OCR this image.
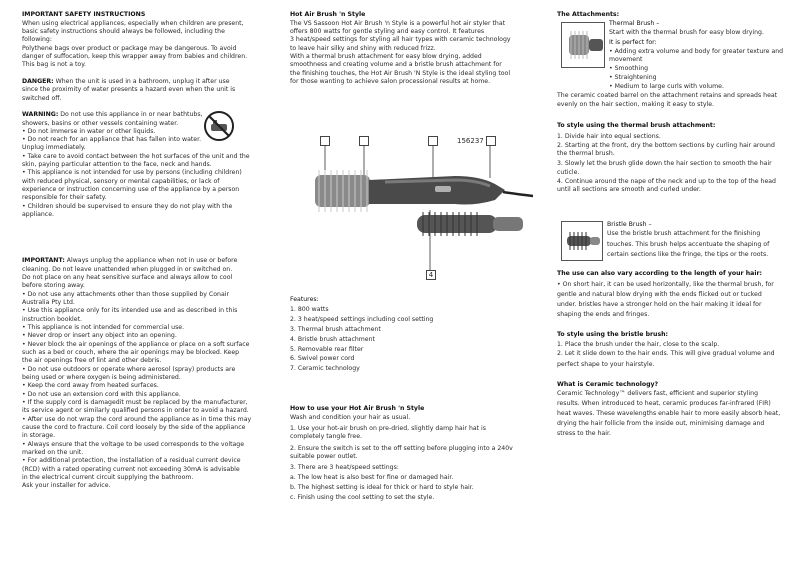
IMPORTANT SAFETY INSTRUCTIONS
When using electrical appliances, especially when children are present,
basic safety instructions should always be followed, including the
following:
Polythene bags over product or package may be dangerous. To avoid
danger of suffocation, keep this wrapper away from babies and children.
This bag is not a toy.
DANGER: When the unit is used in a bathroom, unplug it after use
since the proximity of water presents a hazard even when the unit is
switched off.
WARNING: Do not use this appliance in or near bathtubs,
showers, basins or other vessels containing water.
• Do not immerse in water or other liquids.
• Do not reach for an appliance that has fallen into water.
Unplug immediately.
• Take care to avoid contact between the hot surfaces of the unit and the
skin, paying particular attention to the face, neck and hands.
• This appliance is not intended for use by persons (including children)
with reduced physical, sensory or mental capabilities, or lack of
experience or instruction concerning use of the appliance by a person
responsible for their safety.
• Children should be supervised to ensure they do not play with the
appliance.
IMPORTANT: Always unplug the appliance when not in use or before
cleaning. Do not leave unattended when plugged in or switched on.
Do not place on any heat sensitive surface and always allow to cool
before storing away.
• Do not use any attachments other than those supplied by Conair
Australia Pty Ltd.
• Use this appliance only for its intended use and as described in this
instruction booklet.
• This appliance is not intended for commercial use.
• Never drop or insert any object into an opening.
• Never block the air openings of the appliance or place on a soft surface
such as a bed or couch, where the air openings may be blocked. Keep
the air openings free of lint and other debris.
• Do not use outdoors or operate where aerosol (spray) products are
being used or where oxygen is being administered.
• Keep the cord away from heated surfaces.
• Do not use an extension cord with this appliance.
• If the supply cord is damagedit must be replaced by the manufacturer,
its service agent or similarly qualified persons in order to avoid a hazard.
• After use do not wrap the cord around the appliance as in time this may
cause the cord to fracture. Coil cord loosely by the side of the appliance
in storage.
• Always ensure that the voltage to be used corresponds to the voltage
marked on the unit.
• For additional protection, the installation of a residual current device
(RCD) with a rated operating current not exceeding 30mA is advisable
in the electrical current circuit supplying the bathroom.
Ask your installer for advice.
Hot Air Brush 'n Style
The VS Sassoon Hot Air Brush 'n Style is a powerful hot air styler that
offers 800 watts for gentle styling and easy control. It features
3 heat/speed settings for styling all hair types with ceramic technology
to leave hair silky and shiny with reduced frizz.
With a thermal brush attachment for easy blow drying, added
smoothness and creating volume and a bristle brush attachment for
the finishing touches, the Hot Air Brush 'N Style is the ideal styling tool
for those wanting to achieve salon processional results at home.
156237
4
Features:
1. 800 watts
2. 3 heat/speed settings including cool setting
3. Thermal brush attachment
4. Bristle brush attachment
5. Removable rear filter
6. Swivel power cord
7. Ceramic technology
How to use your Hot Air Brush 'n Style
Wash and condition your hair as usual.
1. Use your hot-air brush on pre-dried, slightly damp hair hat is
completely tangle free.
2. Ensure the switch is set to the off setting before plugging into a 240v
suitable power outlet.
3. There are 3 heat/speed settings:
a. The low heat is also best for fine or damaged hair.
b. The highest setting is ideal for thick or hard to style hair.
c. Finish using the cool setting to set the style.
The Attachments:
Thermal Brush –
Start with the thermal brush for easy blow drying.
It is perfect for:
• Adding extra volume and body for greater texture and
movement
• Smoothing
• Straightening
• Medium to large curls with volume.
The ceramic coated barrel on the attachment retains and spreads heat
evenly on the hair section, making it easy to style.
To style using the thermal brush attachment:
1. Divide hair into equal sections.
2. Starting at the front, dry the bottom sections by curling hair around
the thermal brush.
3. Slowly let the brush glide down the hair section to smooth the hair
cuticle.
4. Continue around the nape of the neck and up to the top of the head
until all sections are smooth and curled under.
Bristle Brush –
Use the bristle brush attachment for the finishing
touches. This brush helps accentuate the shaping of
certain sections like the fringe, the tips or the roots.
The use can also vary according to the length of your hair:
• On short hair, it can be used horizontally, like the thermal brush, for
gentle and natural blow drying with the ends flicked out or tucked
under. bristles have a stronger hold on the hair making it ideal for
shaping the ends and fringes.
To style using the bristle brush:
1. Place the brush under the hair, close to the scalp.
2. Let it slide down to the hair ends. This will give gradual volume and
perfect shape to your hairstyle.
What is Ceramic technology?
Ceramic Technology™ delivers fast, efficient and superior styling
results. When introduced to heat, ceramic produces far-infrared (FIR)
heat waves. These wavelengths enable hair to more easily absorb heat,
drying the hair follicle from the inside out, minimising damage and
stress to the hair.
